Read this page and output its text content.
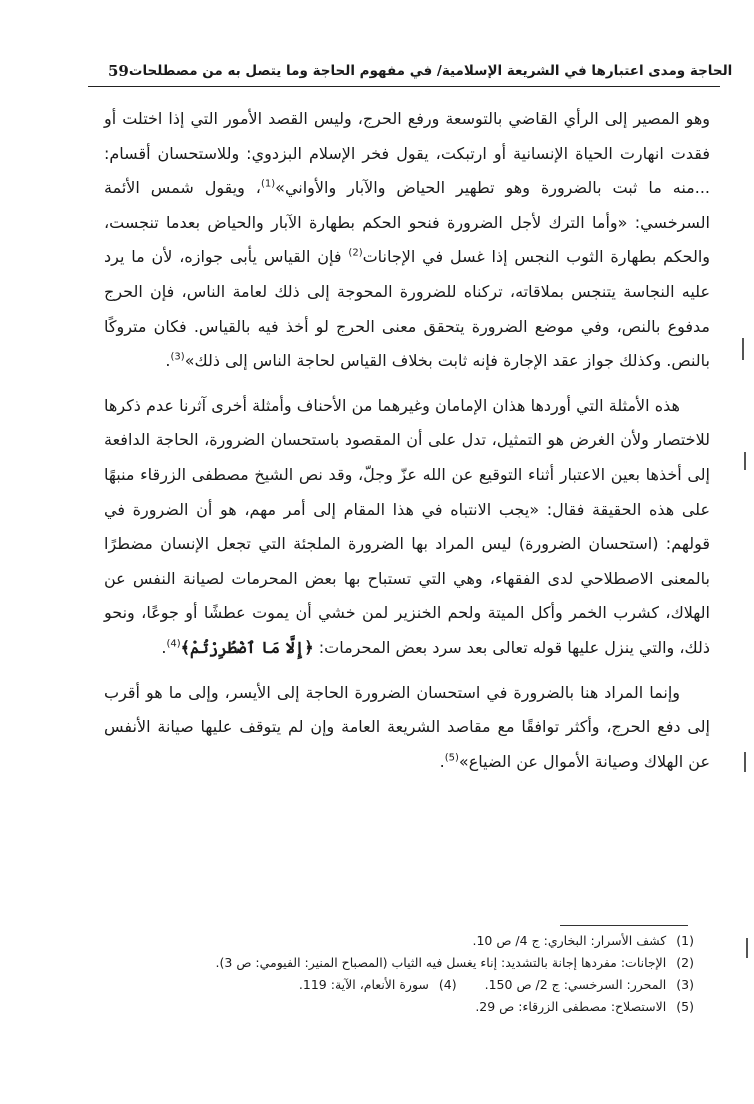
59 الحاجة ومدى اعتبارها في الشريعة الإسلامية/ في مفهوم الحاجة وما يتصل به من مصطلحات

وهو المصير إلى الرأي القاضي بالتوسعة ورفع الحرج، وليس القصد الأمور التي إذا اختلت أو فقدت انهارت الحياة الإنسانية أو ارتبكت، يقول فخر الإسلام البزدوي: وللاستحسان أقسام: ...منه ما ثبت بالضرورة وهو تطهير الحياض والآبار والأواني»$^{(1)}$، ويقول شمس الأئمة السرخسي: «وأما الترك لأجل الضرورة فنحو الحكم بطهارة الآبار والحياض بعدما تنجست، والحكم بطهارة الثوب النجس إذا غسل في الإجانات$^{(2)}$ فإن القياس يأبى جوازه، لأن ما يرد عليه النجاسة يتنجس بملاقاته، تركناه للضرورة المحوجة إلى ذلك لعامة الناس، فإن الحرج مدفوع بالنص، وفي موضع الضرورة يتحقق معنى الحرج لو أخذ فيه بالقياس. فكان متروكًا بالنص. وكذلك جواز عقد الإجارة فإنه ثابت بخلاف القياس لحاجة الناس إلى ذلك»$^{(3)}$.

هذه الأمثلة التي أوردها هذان الإمامان وغيرهما من الأحناف وأمثلة أخرى آثرنا عدم ذكرها للاختصار ولأن الغرض هو التمثيل، تدل على أن المقصود باستحسان الضرورة، الحاجة الدافعة إلى أخذها بعين الاعتبار أثناء التوقيع عن الله عزّ وجلّ، وقد نص الشيخ مصطفى الزرقاء منبهًا على هذه الحقيقة فقال: «يجب الانتباه في هذا المقام إلى أمر مهم، هو أن الضرورة في قولهم: (استحسان الضرورة) ليس المراد بها الضرورة الملجئة التي تجعل الإنسان مضطرًا بالمعنى الاصطلاحي لدى الفقهاء، وهي التي تستباح بها بعض المحرمات لصيانة النفس عن الهلاك، كشرب الخمر وأكل الميتة ولحم الخنزير لمن خشي أن يموت عطشًا أو جوعًا، ونحو ذلك، والتي ينزل عليها قوله تعالى بعد سرد بعض المحرمات: ﴿إِلَّا مَا ٱضْطُرِرْتُمْ﴾$^{(4)}$.

وإنما المراد هنا بالضرورة في استحسان الضرورة الحاجة إلى الأيسر، وإلى ما هو أقرب إلى دفع الحرج، وأكثر توافقًا مع مقاصد الشريعة العامة وإن لم يتوقف عليها صيانة الأنفس عن الهلاك وصيانة الأموال عن الضياع»$^{(5)}$.

(1)كشف الأسرار: البخاري: ج 4/ ص 10.
(2)الإجانات: مفردها إجانة بالتشديد: إناء يغسل فيه الثياب (المصباح المنير: الفيومي: ص 3).
(3)المحرر: السرخسي: ج 2/ ص 150.
(4)سورة الأنعام، الآية: 119.
(5)الاستصلاح: مصطفى الزرقاء: ص 29.
